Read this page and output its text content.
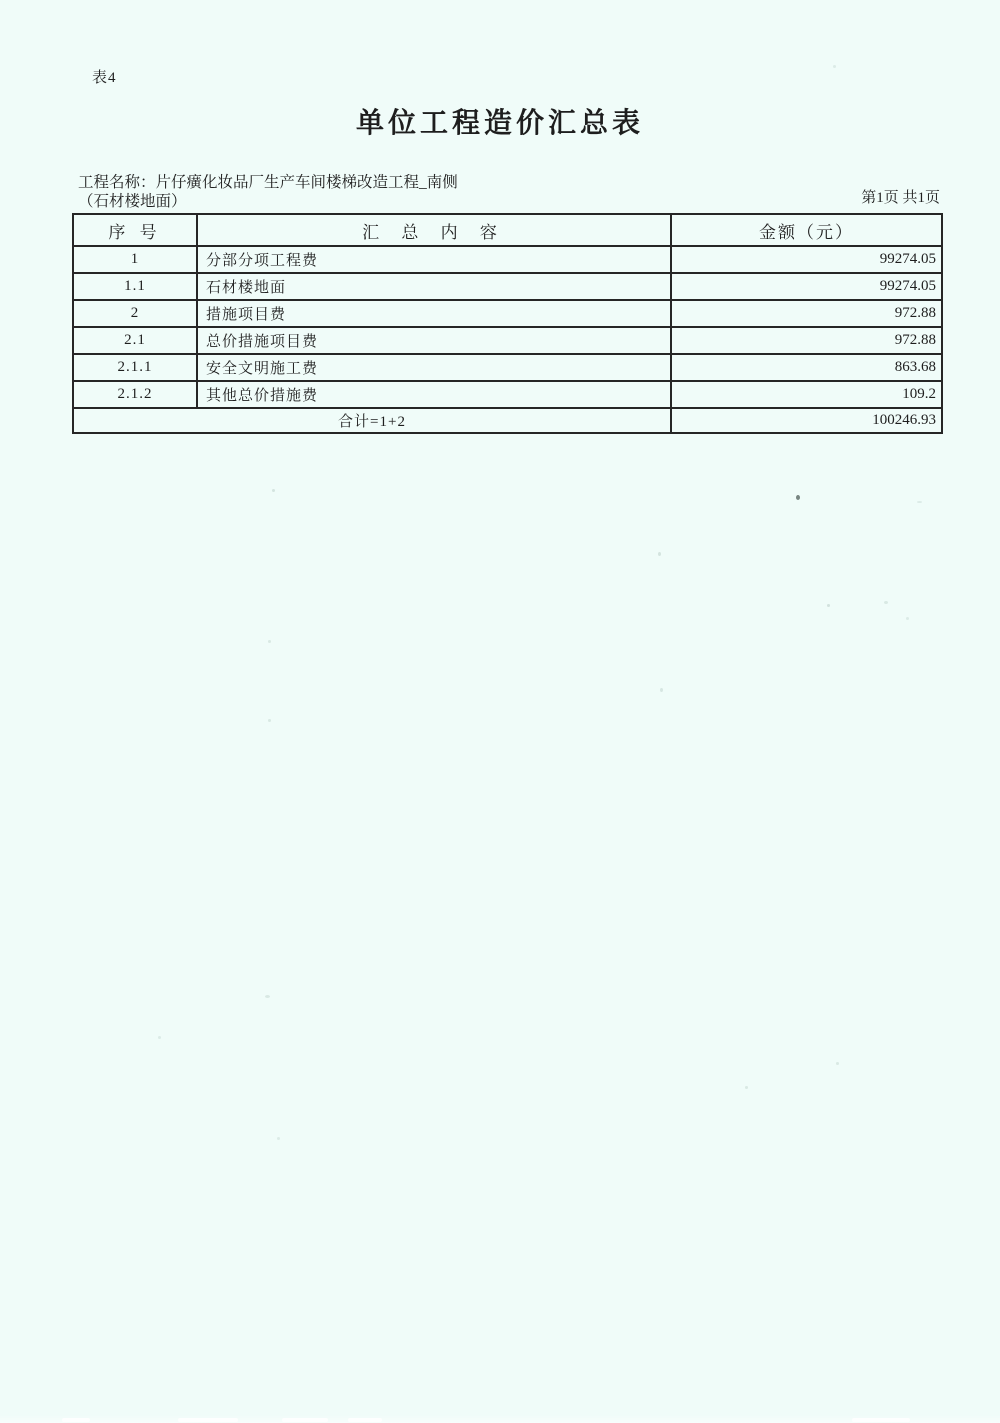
表4
单位工程造价汇总表
工程名称：片仔癀化妆品厂生产车间楼梯改造工程_南侧
（石材楼地面）	第1页 共1页
序 号	汇 总 内 容	金额（元）
1	分部分项工程费	99274.05
1.1	石材楼地面	99274.05
2	措施项目费	972.88
2.1	总价措施项目费	972.88
2.1.1	安全文明施工费	863.68
2.1.2	其他总价措施费	109.2
合计=1+2		100246.93
